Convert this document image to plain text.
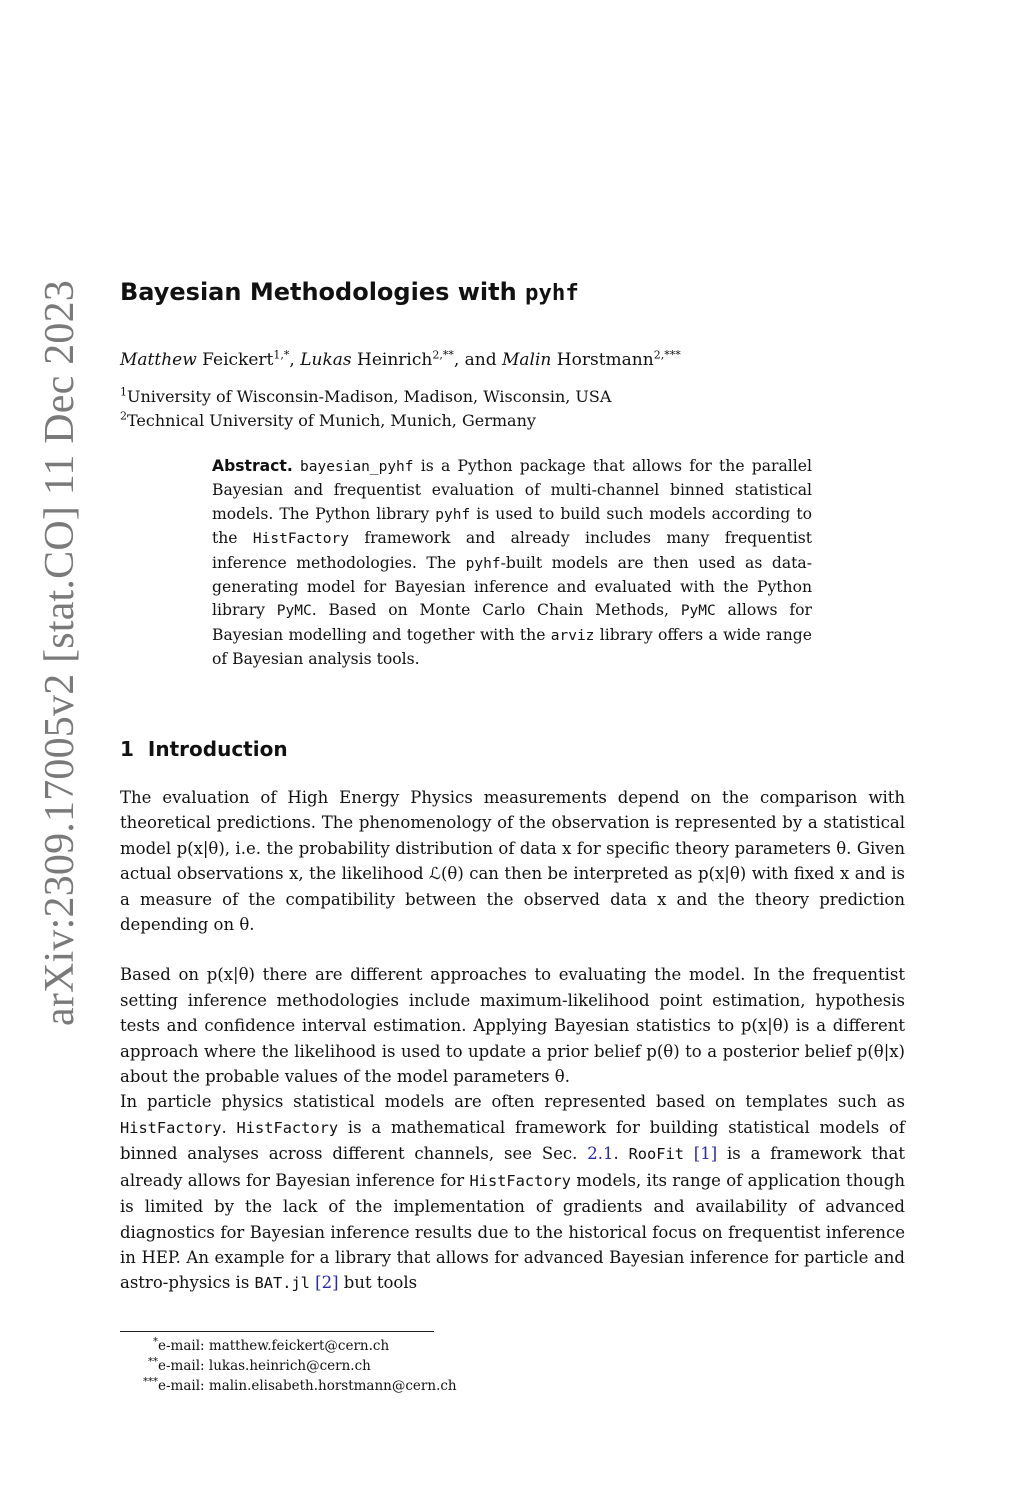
arXiv:2309.17005v2 [stat.CO] 11 Dec 2023 Bayesian Methodologies with pyhf
Matthew Feickert$^{1,*}$, Lukas Heinrich$^{2,**}$, and Malin Horstmann$^{2,***}$
$^1$University of Wisconsin-Madison, Madison, Wisconsin, USA
$^2$Technical University of Munich, Munich, Germany
Abstract. bayesian_pyhf is a Python package that allows for the parallel Bayesian and frequentist evaluation of multi-channel binned statistical models. The Python library pyhf is used to build such models according to the HistFactory framework and already includes many frequentist inference methodologies. The pyhf-built models are then used as data-generating model for Bayesian inference and evaluated with the Python library PyMC. Based on Monte Carlo Chain Methods, PyMC allows for Bayesian modelling and together with the arviz library offers a wide range of Bayesian analysis tools.
1 Introduction

The evaluation of High Energy Physics measurements depend on the comparison with theoretical predictions. The phenomenology of the observation is represented by a statistical model p(x|θ), i.e. the probability distribution of data x for specific theory parameters θ. Given actual observations x, the likelihood ℒ(θ) can then be interpreted as p(x|θ) with fixed x and is a measure of the compatibility between the observed data x and the theory prediction depending on θ.

Based on p(x|θ) there are different approaches to evaluating the model. In the frequentist setting inference methodologies include maximum-likelihood point estimation, hypothesis tests and confidence interval estimation. Applying Bayesian statistics to p(x|θ) is a different approach where the likelihood is used to update a prior belief p(θ) to a posterior belief p(θ|x) about the probable values of the model parameters θ.

In particle physics statistical models are often represented based on templates such as HistFactory. HistFactory is a mathematical framework for building statistical models of binned analyses across different channels, see Sec. 2.1. RooFit [1] is a framework that already allows for Bayesian inference for HistFactory models, its range of application though is limited by the lack of the implementation of gradients and availability of advanced diagnostics for Bayesian inference results due to the historical focus on frequentist inference in HEP. An example for a library that allows for advanced Bayesian inference for particle and astro-physics is BAT.jl [2] but tools

*e-mail: matthew.feickert@cern.ch
**e-mail: lukas.heinrich@cern.ch
***e-mail: malin.elisabeth.horstmann@cern.ch
